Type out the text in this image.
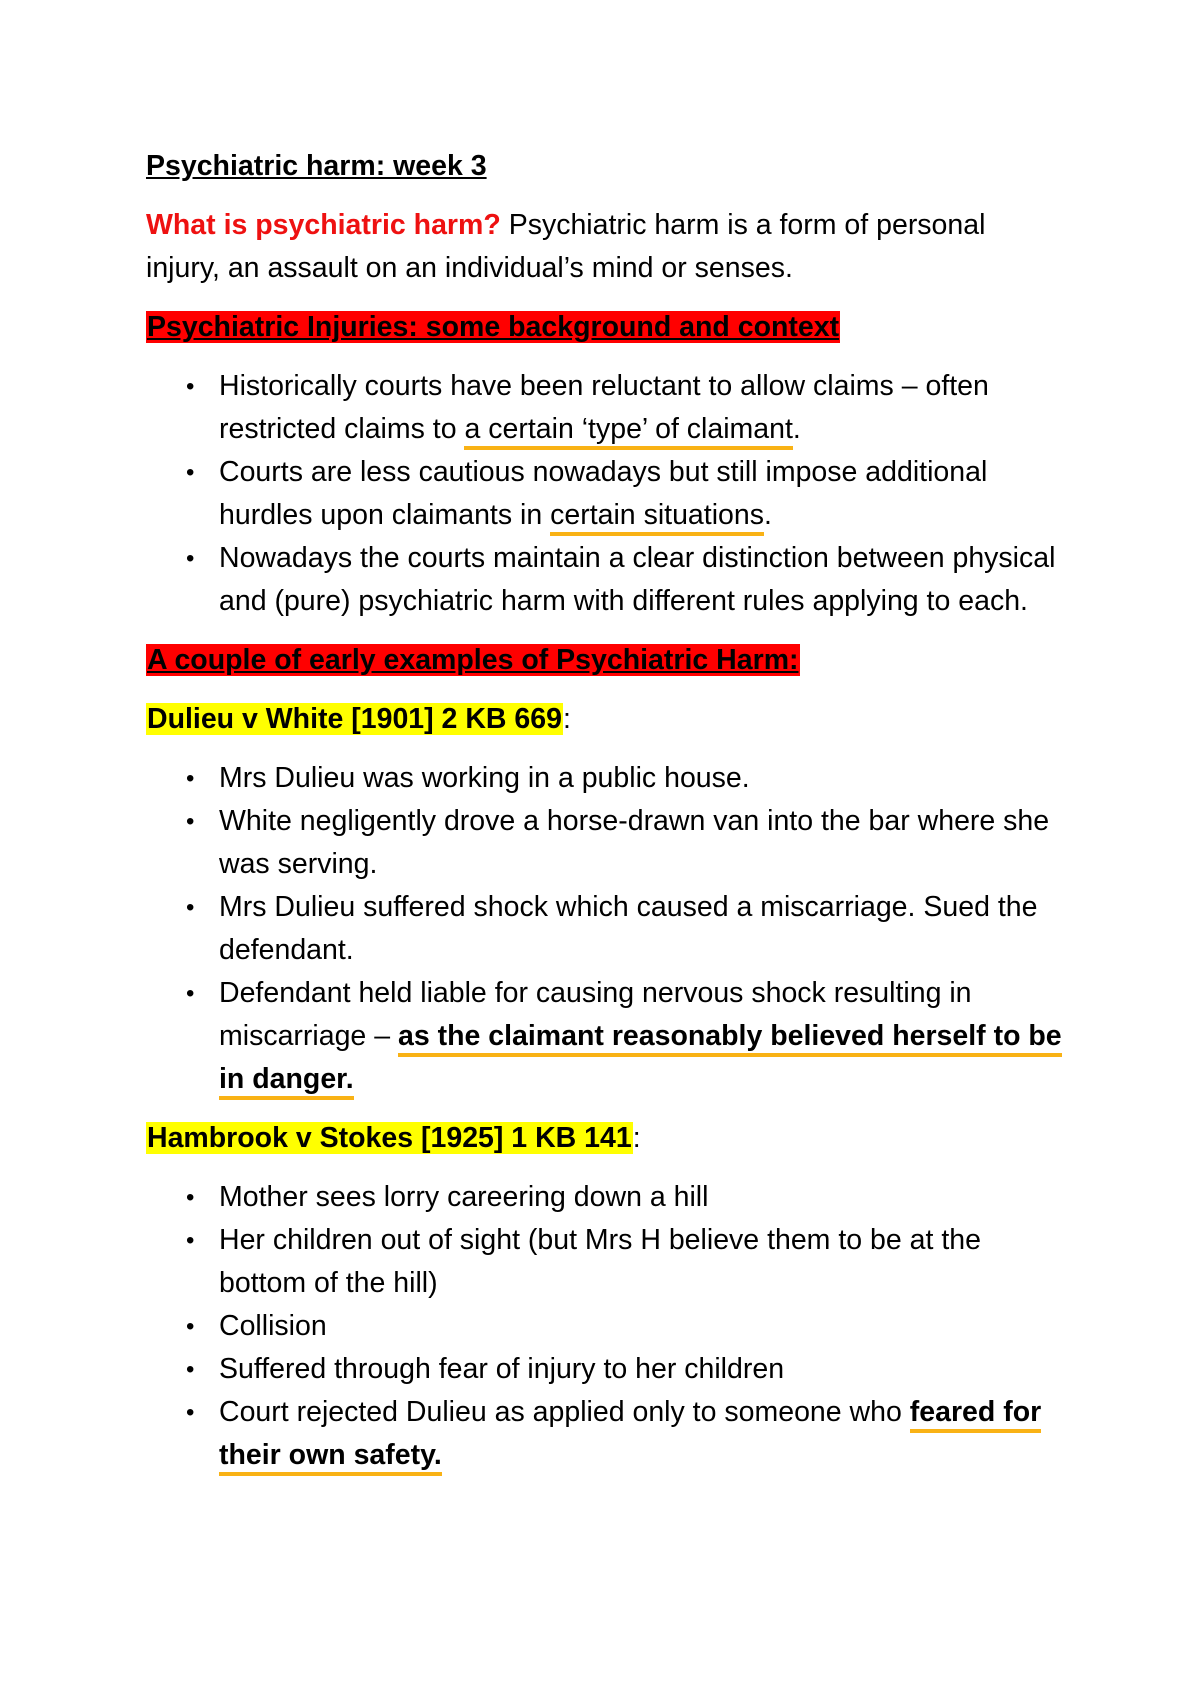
Psychiatric harm: week 3

What is psychiatric harm? Psychiatric harm is a form of personal injury, an assault on an individual’s mind or senses.

Psychiatric Injuries: some background and context

• Historically courts have been reluctant to allow claims – often restricted claims to a certain ‘type’ of claimant.
• Courts are less cautious nowadays but still impose additional hurdles upon claimants in certain situations.
• Nowadays the courts maintain a clear distinction between physical and (pure) psychiatric harm with different rules applying to each.

A couple of early examples of Psychiatric Harm:

Dulieu v White [1901] 2 KB 669:

• Mrs Dulieu was working in a public house.
• White negligently drove a horse-drawn van into the bar where she was serving.
• Mrs Dulieu suffered shock which caused a miscarriage. Sued the defendant.
• Defendant held liable for causing nervous shock resulting in miscarriage – as the claimant reasonably believed herself to be in danger.

Hambrook v Stokes [1925] 1 KB 141:

• Mother sees lorry careering down a hill
• Her children out of sight (but Mrs H believe them to be at the bottom of the hill)
• Collision
• Suffered through fear of injury to her children
• Court rejected Dulieu as applied only to someone who feared for their own safety.
